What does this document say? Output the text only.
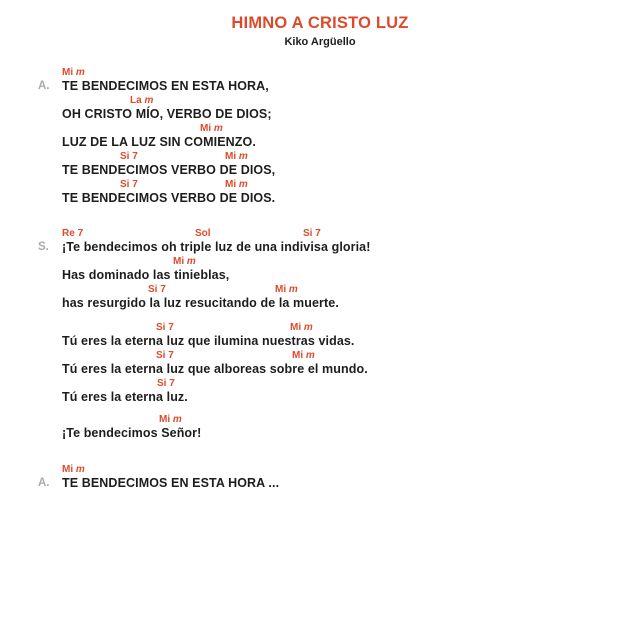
HIMNO A CRISTO LUZ
Kiko Argüello
A.
Mi m
TE BENDECIMOS EN ESTA HORA,
La m
OH CRISTO MÍO, VERBO DE DIOS;
Mi m
LUZ DE LA LUZ SIN COMIENZO.
Si 7	Mi m
TE BENDECIMOS VERBO DE DIOS,
Si 7	Mi m
TE BENDECIMOS VERBO DE DIOS.
S.
Re 7	Sol	Si 7
¡Te bendecimos oh triple luz de una indivisa gloria!
Mi m
Has dominado las tinieblas,
Si 7	Mi m
has resurgido la luz resucitando de la muerte.
Si 7	Mi m
Tú eres la eterna luz que ilumina nuestras vidas.
Si 7	Mi m
Tú eres la eterna luz que alboreas sobre el mundo.
Si 7
Tú eres la eterna luz.
Mi m
¡Te bendecimos Señor!
A.
Mi m
TE BENDECIMOS EN ESTA HORA ...
